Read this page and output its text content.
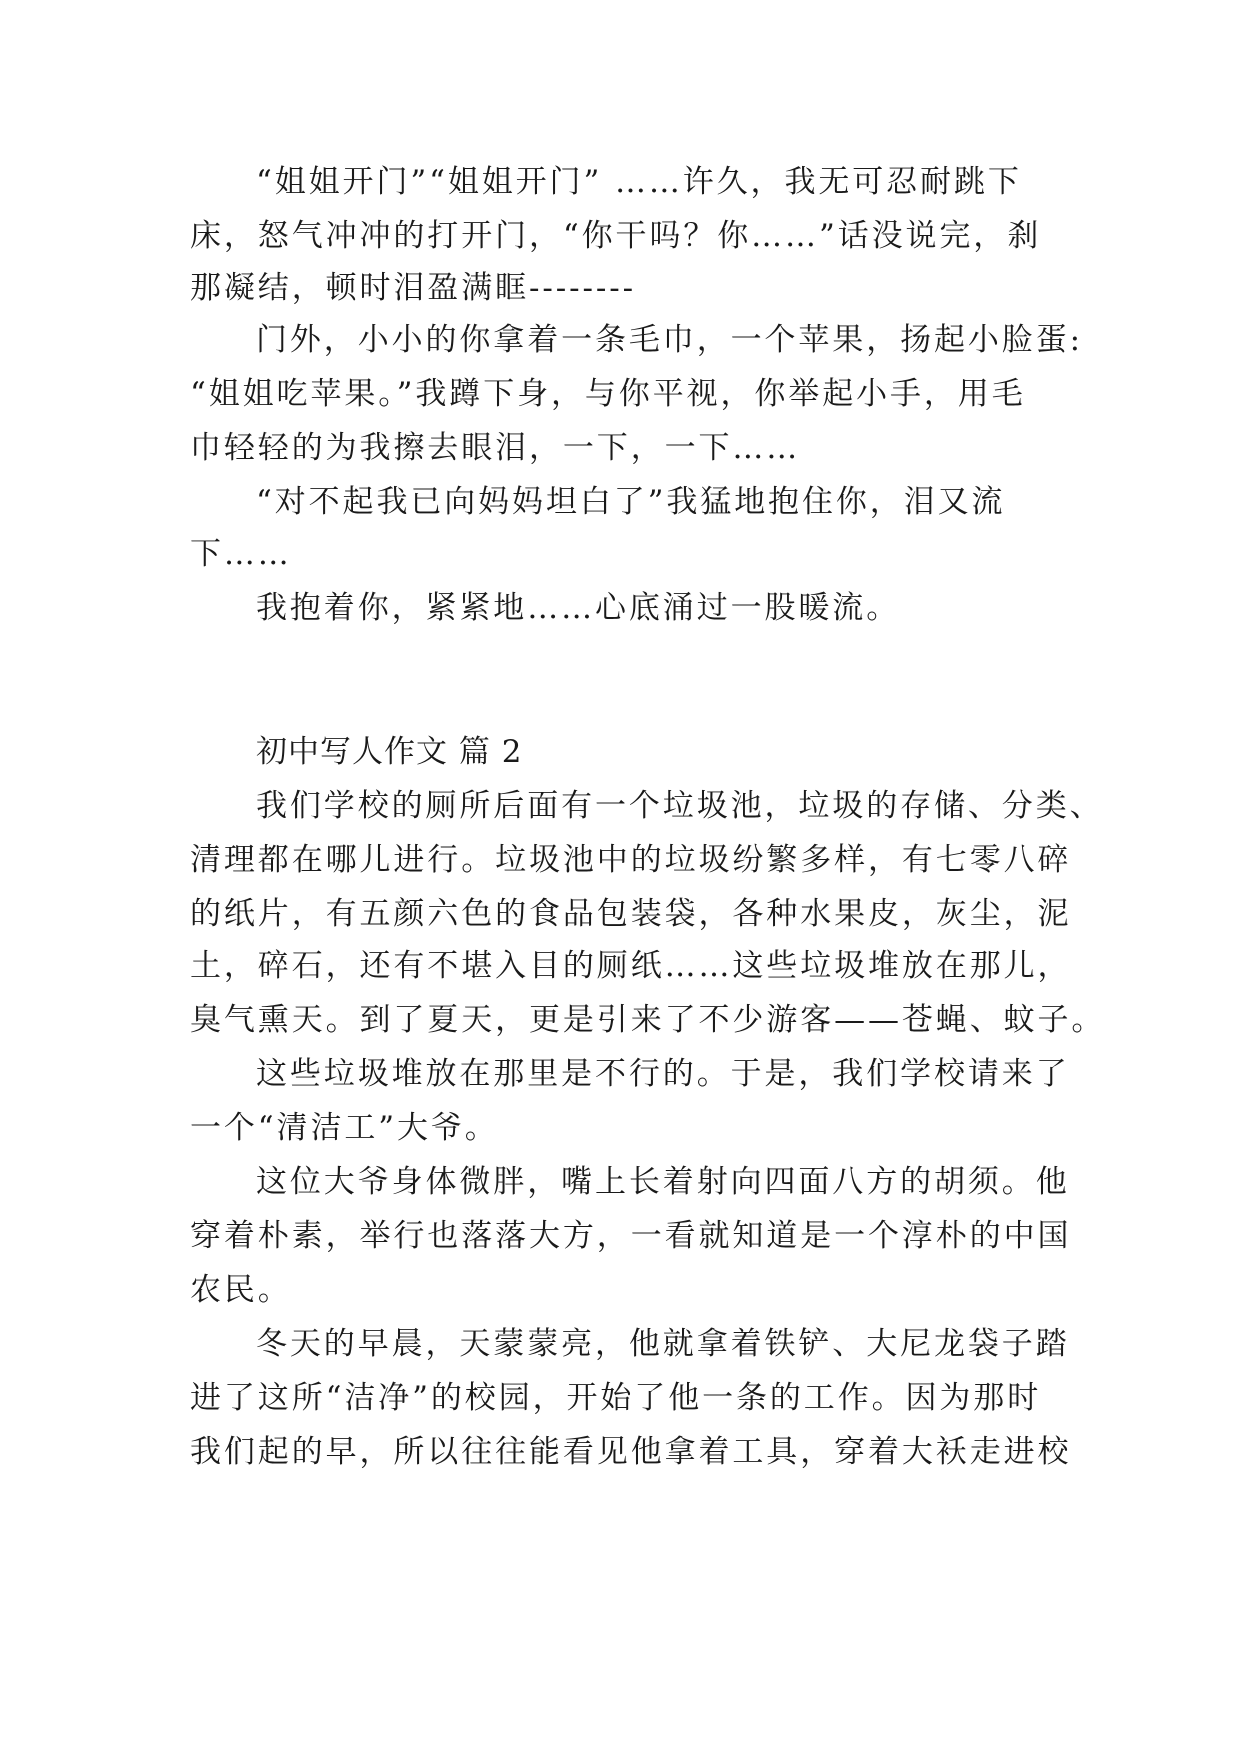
“姐姐开门”“姐姐开门” ……许久，我无可忍耐跳下

床，怒气冲冲的打开门，“你干吗？你……”话没说完，刹

那凝结，顿时泪盈满眶--------

门外，小小的你拿着一条毛巾，一个苹果，扬起小脸蛋:

“姐姐吃苹果。”我蹲下身，与你平视，你举起小手，用毛

巾轻轻的为我擦去眼泪，一下，一下……

“对不起我已向妈妈坦白了”我猛地抱住你，泪又流

下……

我抱着你，紧紧地……心底涌过一股暖流。

初中写人作文 篇 2

我们学校的厕所后面有一个垃圾池，垃圾的存储、分类、

清理都在哪儿进行。垃圾池中的垃圾纷繁多样，有七零八碎

的纸片，有五颜六色的食品包装袋，各种水果皮，灰尘，泥

土，碎石，还有不堪入目的厕纸……这些垃圾堆放在那儿，

臭气熏天。到了夏天，更是引来了不少游客——苍蝇、蚊子。

这些垃圾堆放在那里是不行的。于是，我们学校请来了

一个“清洁工”大爷。

这位大爷身体微胖，嘴上长着射向四面八方的胡须。他

穿着朴素，举行也落落大方，一看就知道是一个淳朴的中国

农民。

冬天的早晨，天蒙蒙亮，他就拿着铁铲、大尼龙袋子踏

进了这所“洁净”的校园，开始了他一条的工作。因为那时

我们起的早，所以往往能看见他拿着工具，穿着大袄走进校
